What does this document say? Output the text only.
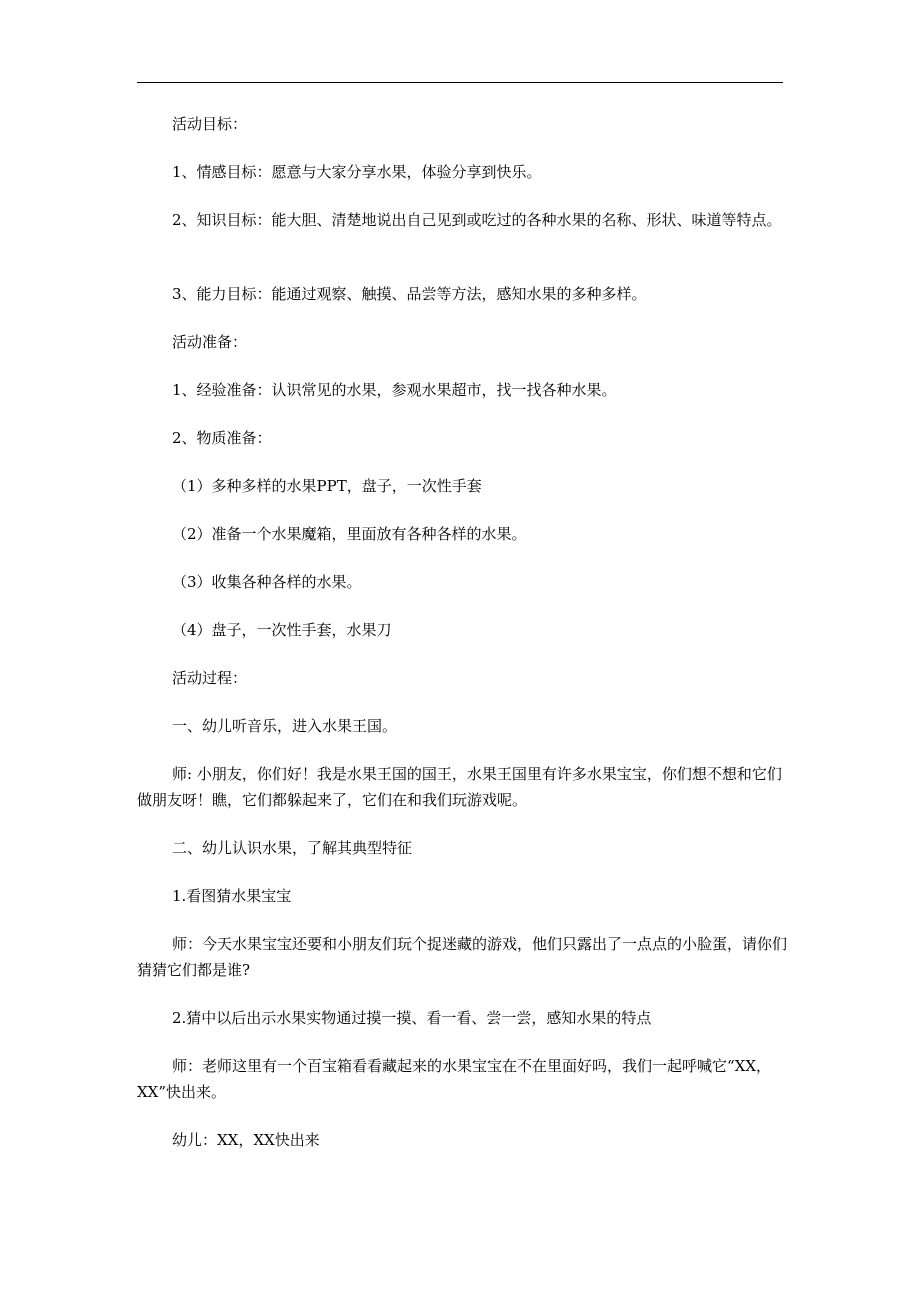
活动目标：

1、情感目标：愿意与大家分享水果，体验分享到快乐。

2、知识目标：能大胆、清楚地说出自己见到或吃过的各种水果的名称、形状、味道等特点。

3、能力目标：能通过观察、触摸、品尝等方法，感知水果的多种多样。

活动准备：

1、经验准备：认识常见的水果，参观水果超市，找一找各种水果。

2、物质准备：

（1）多种多样的水果PPT，盘子，一次性手套

（2）准备一个水果魔箱，里面放有各种各样的水果。

（3）收集各种各样的水果。

（4）盘子，一次性手套，水果刀

活动过程：

一、幼儿听音乐，进入水果王国。

师: 小朋友，你们好！我是水果王国的国王，水果王国里有许多水果宝宝，你们想不想和它们做朋友呀！瞧，它们都躲起来了，它们在和我们玩游戏呢。

二、幼儿认识水果，了解其典型特征

1.看图猜水果宝宝

师：今天水果宝宝还要和小朋友们玩个捉迷藏的游戏，他们只露出了一点点的小脸蛋，请你们猜猜它们都是谁?

2.猜中以后出示水果实物通过摸一摸、看一看、尝一尝，感知水果的特点

师：老师这里有一个百宝箱看看藏起来的水果宝宝在不在里面好吗，我们一起呼喊它“XX，XX”快出来。

幼儿：XX，XX快出来
